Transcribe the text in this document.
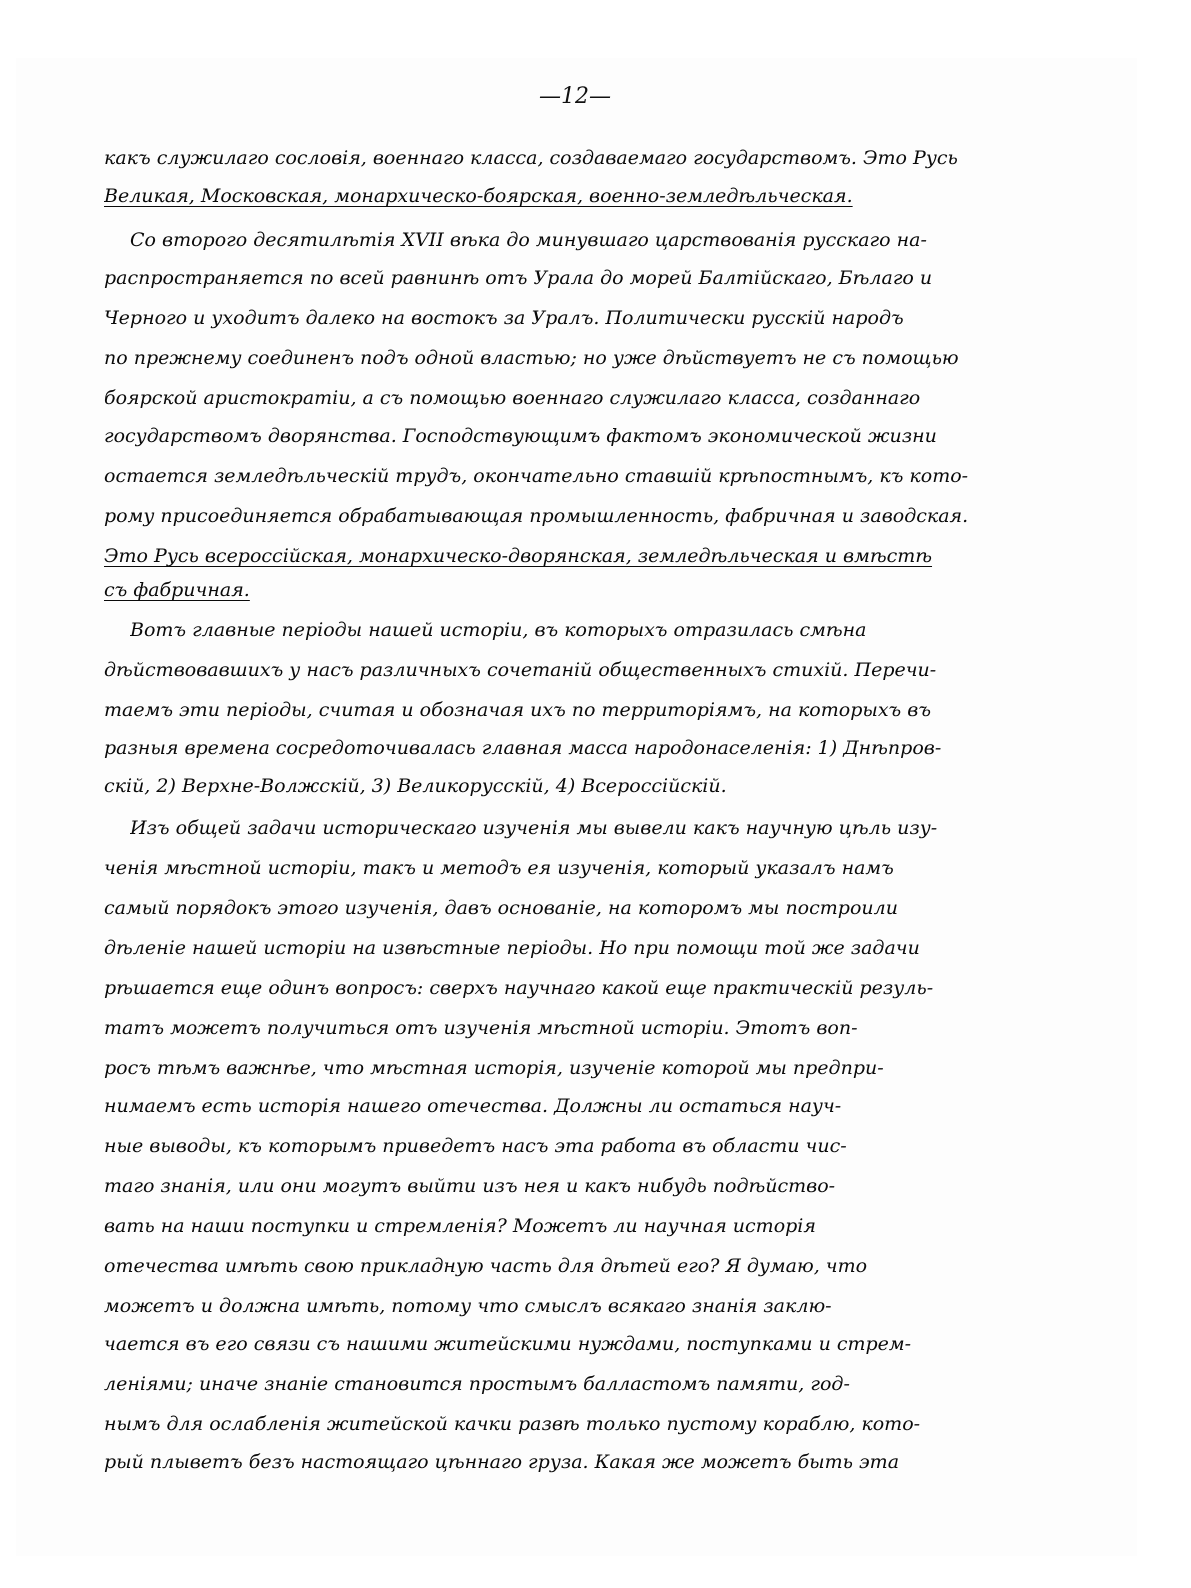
—12—
какъ служилаго сословія, военнаго класса, создаваемаго государствомъ. Это Русь
Великая, Московская, монархическо-боярская, военно-земледѣльческая.
Со второго десятилѣтія XVII вѣка до минувшаго царствованія русскаго на-
распространяется по всей равнинѣ отъ Урала до морей Балтійскаго, Бѣлаго и
Черного и уходитъ далеко на востокъ за Уралъ. Политически русскій народъ
по прежнему соединенъ подъ одной властью; но уже дѣйствуетъ не съ помощью
боярской аристократіи, а съ помощью военнаго служилаго класса, созданнаго
государствомъ дворянства. Господствующимъ фактомъ экономической жизни
остается земледѣльческій трудъ, окончательно ставшій крѣпостнымъ, къ кото-
рому присоединяется обрабатывающая промышленность, фабричная и заводская.
Это Русь всероссійская, монархическо-дворянская, земледѣльческая и вмѣстѣ
съ фабричная.
Вотъ главные періоды нашей исторіи, въ которыхъ отразилась смѣна
дѣйствовавшихъ у насъ различныхъ сочетаній общественныхъ стихій. Перечи-
таемъ эти періоды, считая и обозначая ихъ по территоріямъ, на которыхъ въ
разныя времена сосредоточивалась главная масса народонаселенія: 1) Днѣпров-
скій, 2) Верхне-Волжскій, 3) Великорусскій, 4) Всероссійскій.
Изъ общей задачи историческаго изученія мы вывели какъ научную цѣль изу-
ченія мѣстной исторіи, такъ и методъ ея изученія, который указалъ намъ
самый порядокъ этого изученія, давъ основаніе, на которомъ мы построили
дѣленіе нашей исторіи на извѣстные періоды. Но при помощи той же задачи
рѣшается еще одинъ вопросъ: сверхъ научнаго какой еще практическій резуль-
татъ можетъ получиться отъ изученія мѣстной исторіи. Этотъ воп-
росъ тѣмъ важнѣе, что мѣстная исторія, изученіе которой мы предпри-
нимаемъ есть исторія нашего отечества. Должны ли остаться науч-
ные выводы, къ которымъ приведетъ насъ эта работа въ области чис-
таго знанія, или они могутъ выйти изъ нея и какъ нибудь подѣйство-
вать на наши поступки и стремленія? Можетъ ли научная исторія
отечества имѣть свою прикладную часть для дѣтей его? Я думаю, что
можетъ и должна имѣть, потому что смыслъ всякаго знанія заклю-
чается въ его связи съ нашими житейскими нуждами, поступками и стрем-
леніями; иначе знаніе становится простымъ балластомъ памяти, год-
нымъ для ослабленія житейской качки развѣ только пустому кораблю, кото-
рый плыветъ безъ настоящаго цѣннаго груза. Какая же можетъ быть эта
